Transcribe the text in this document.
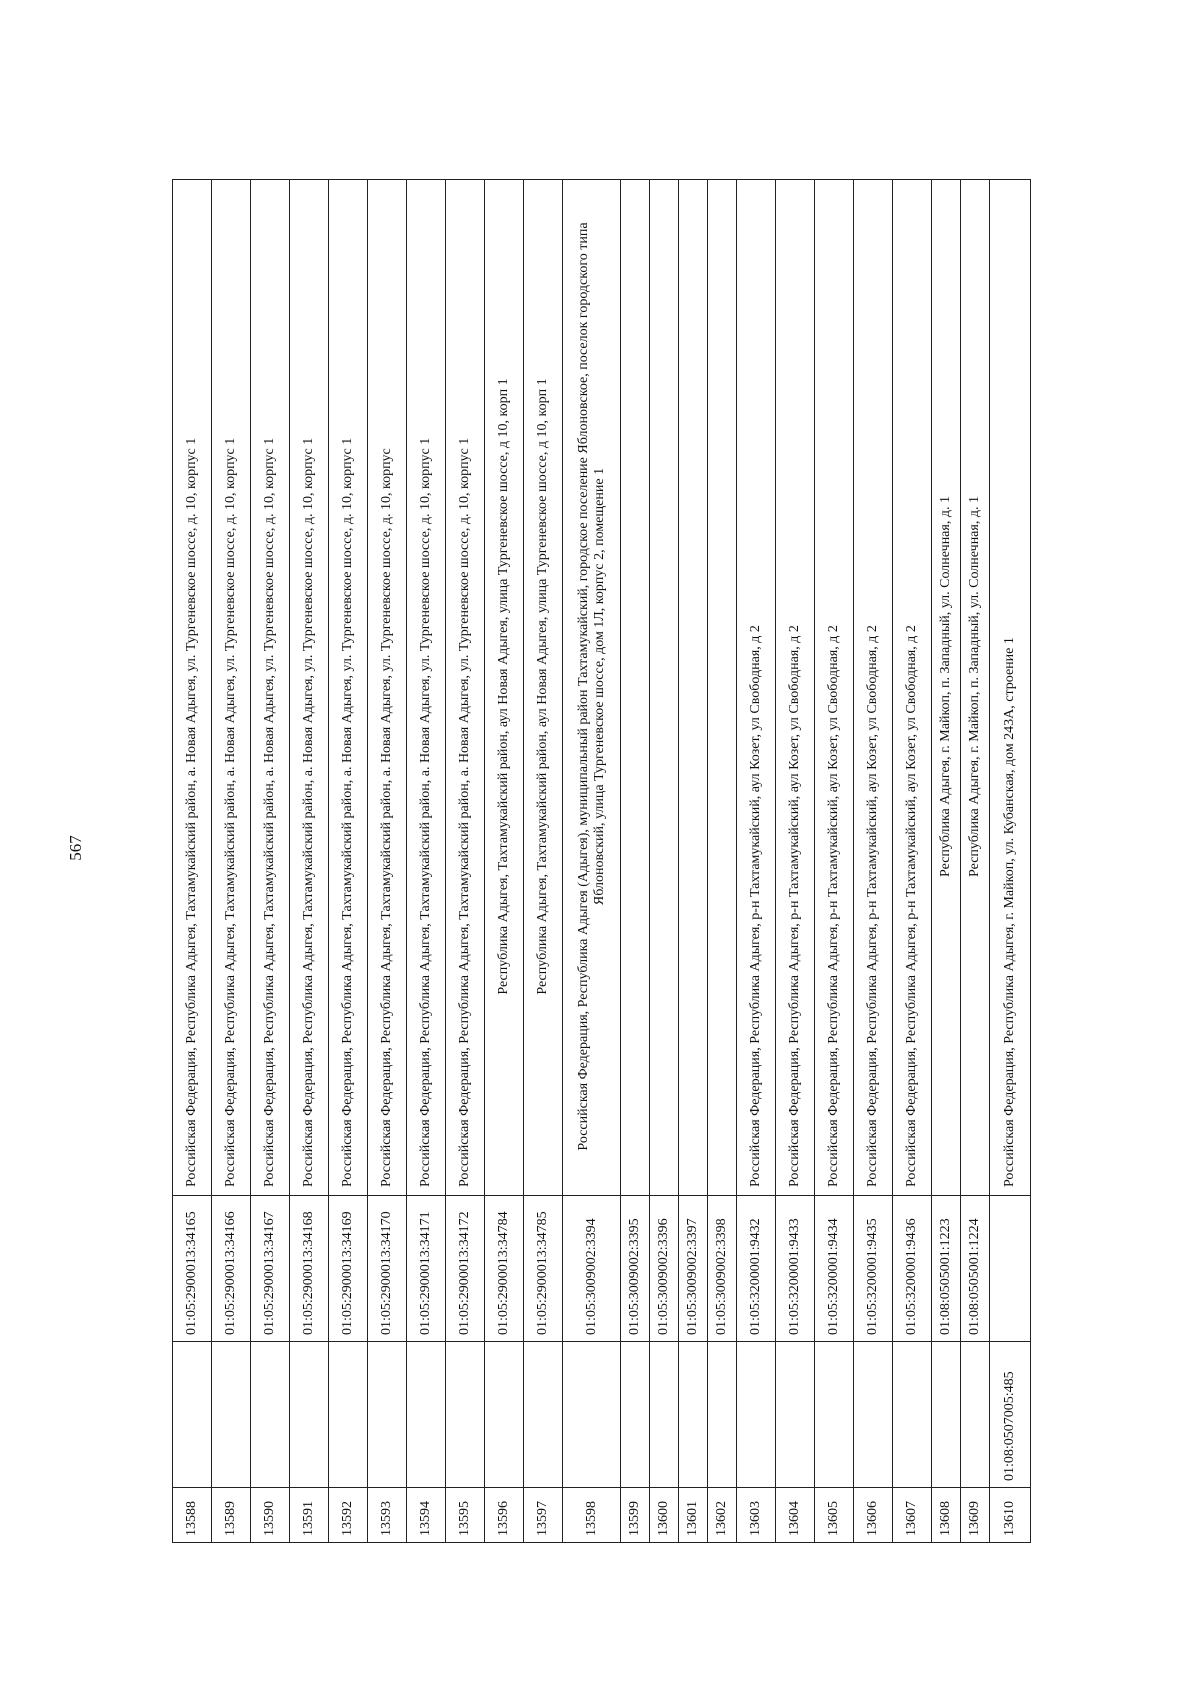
567
13588		01:05:2900013:34165	Российская Федерация, Республика Адыгея, Тахтамукайский район, а. Новая Адыгея, ул. Тургеневское шоссе, д. 10, корпус 1
13589		01:05:2900013:34166	Российская Федерация, Республика Адыгея, Тахтамукайский район, а. Новая Адыгея, ул. Тургеневское шоссе, д. 10, корпус 1
13590		01:05:2900013:34167	Российская Федерация, Республика Адыгея, Тахтамукайский район, а. Новая Адыгея, ул. Тургеневское шоссе, д. 10, корпус 1
13591		01:05:2900013:34168	Российская Федерация, Республика Адыгея, Тахтамукайский район, а. Новая Адыгея, ул. Тургеневское шоссе, д. 10, корпус 1
13592		01:05:2900013:34169	Российская Федерация, Республика Адыгея, Тахтамукайский район, а. Новая Адыгея, ул. Тургеневское шоссе, д. 10, корпус 1
13593		01:05:2900013:34170	Российская Федерация, Республика Адыгея, Тахтамукайский район, а. Новая Адыгея, ул. Тургеневское шоссе, д. 10, корпус
13594		01:05:2900013:34171	Российская Федерация, Республика Адыгея, Тахтамукайский район, а. Новая Адыгея, ул. Тургеневское шоссе, д. 10, корпус 1
13595		01:05:2900013:34172	Российская Федерация, Республика Адыгея, Тахтамукайский район, а. Новая Адыгея, ул. Тургеневское шоссе, д. 10, корпус 1
13596		01:05:2900013:34784	Республика Адыгея, Тахтамукайский район, аул Новая Адыгея, улица Тургеневское шоссе, д 10, корп 1
13597		01:05:2900013:34785	Республика Адыгея, Тахтамукайский район, аул Новая Адыгея, улица Тургеневское шоссе, д 10, корп 1
13598		01:05:3009002:3394	Российская Федерация, Республика Адыгея (Адыгея), муниципальный район Тахтамукайский, городское поселение Яблоновское, поселок городского типа Яблоновский, улица Тургеневское шоссе, дом 1Л, корпус 2, помещение 1
13599		01:05:3009002:3395	
13600		01:05:3009002:3396	
13601		01:05:3009002:3397	
13602		01:05:3009002:3398	
13603		01:05:3200001:9432	Российская Федерация, Республика Адыгея, р-н Тахтамукайский, аул Козет, ул Свободная, д 2
13604		01:05:3200001:9433	Российская Федерация, Республика Адыгея, р-н Тахтамукайский, аул Козет, ул Свободная, д 2
13605		01:05:3200001:9434	Российская Федерация, Республика Адыгея, р-н Тахтамукайский, аул Козет, ул Свободная, д 2
13606		01:05:3200001:9435	Российская Федерация, Республика Адыгея, р-н Тахтамукайский, аул Козет, ул Свободная, д 2
13607		01:05:3200001:9436	Российская Федерация, Республика Адыгея, р-н Тахтамукайский, аул Козет, ул Свободная, д 2
13608		01:08:0505001:1223	Республика Адыгея, г. Майкоп, п. Западный, ул. Солнечная, д. 1
13609		01:08:0505001:1224	Республика Адыгея, г. Майкоп, п. Западный, ул. Солнечная, д. 1
13610	01:08:0507005:485		Российская Федерация, Республика Адыгея, г. Майкоп, ул. Кубанская, дом 243А, строение 1
